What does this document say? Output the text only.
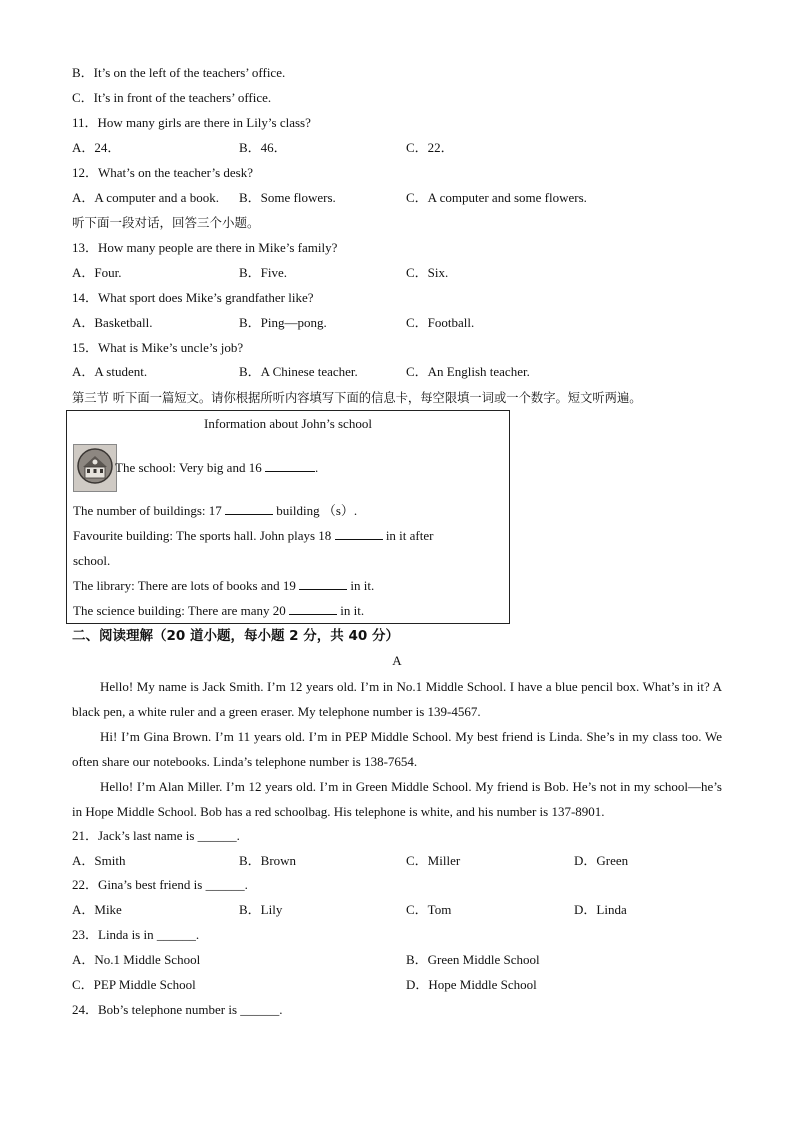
B．It’s on the left of the teachers’ office.
C．It’s in front of the teachers’ office.
11．How many girls are there in Lily’s class?
A．24．	B．46．	C．22．
12．What’s on the teacher’s desk?
A．A computer and a book. B．Some flowers.	C．A computer and some flowers.
听下面一段对话，回答三个小题。
13．How many people are there in Mike’s family?
A．Four.	B．Five.	C．Six.
14．What sport does Mike’s grandfather like?
A．Basketball.	B．Ping—pong.	C．Football.
15．What is Mike’s uncle’s job?
A．A student.	B．A Chinese teacher.	C．An English teacher.
第三节 听下面一篇短文。请你根据所听内容填写下面的信息卡，每空限填一词或一个数字。短文听两遍。
Information about John’s school
The school: Very big and 16	.
The number of buildings: 17	building （s）.
Favourite building: The sports hall. John plays 18	in it after
school.
The library: There are lots of books and 19	in it.
The science building: There are many 20	in it.
二、阅读理解（20 道小题，每小题 2 分，共 40 分）
A
Hello! My name is Jack Smith. I’m 12 years old. I’m in No.1 Middle School. I have a blue pencil box. What’s in it? A black pen, a white ruler and a green eraser. My telephone number is 139-4567.
Hi! I’m Gina Brown. I’m 11 years old. I’m in PEP Middle School. My best friend is Linda. She’s in my class too. We often share our notebooks. Linda’s telephone number is 138-7654.
Hello! I’m Alan Miller. I’m 12 years old. I’m in Green Middle School. My friend is Bob. He’s not in my school—he’s in Hope Middle School. Bob has a red schoolbag. His telephone is white, and his number is 137-8901.
21．Jack’s last name is ______.
A．Smith	B．Brown	C．Miller	D．Green
22．Gina’s best friend is ______.
A．Mike	B．Lily	C．Tom	D．Linda
23．Linda is in ______.
A．No.1 Middle School	B．Green Middle School
C．PEP Middle School	D．Hope Middle School
24．Bob’s telephone number is ______.
